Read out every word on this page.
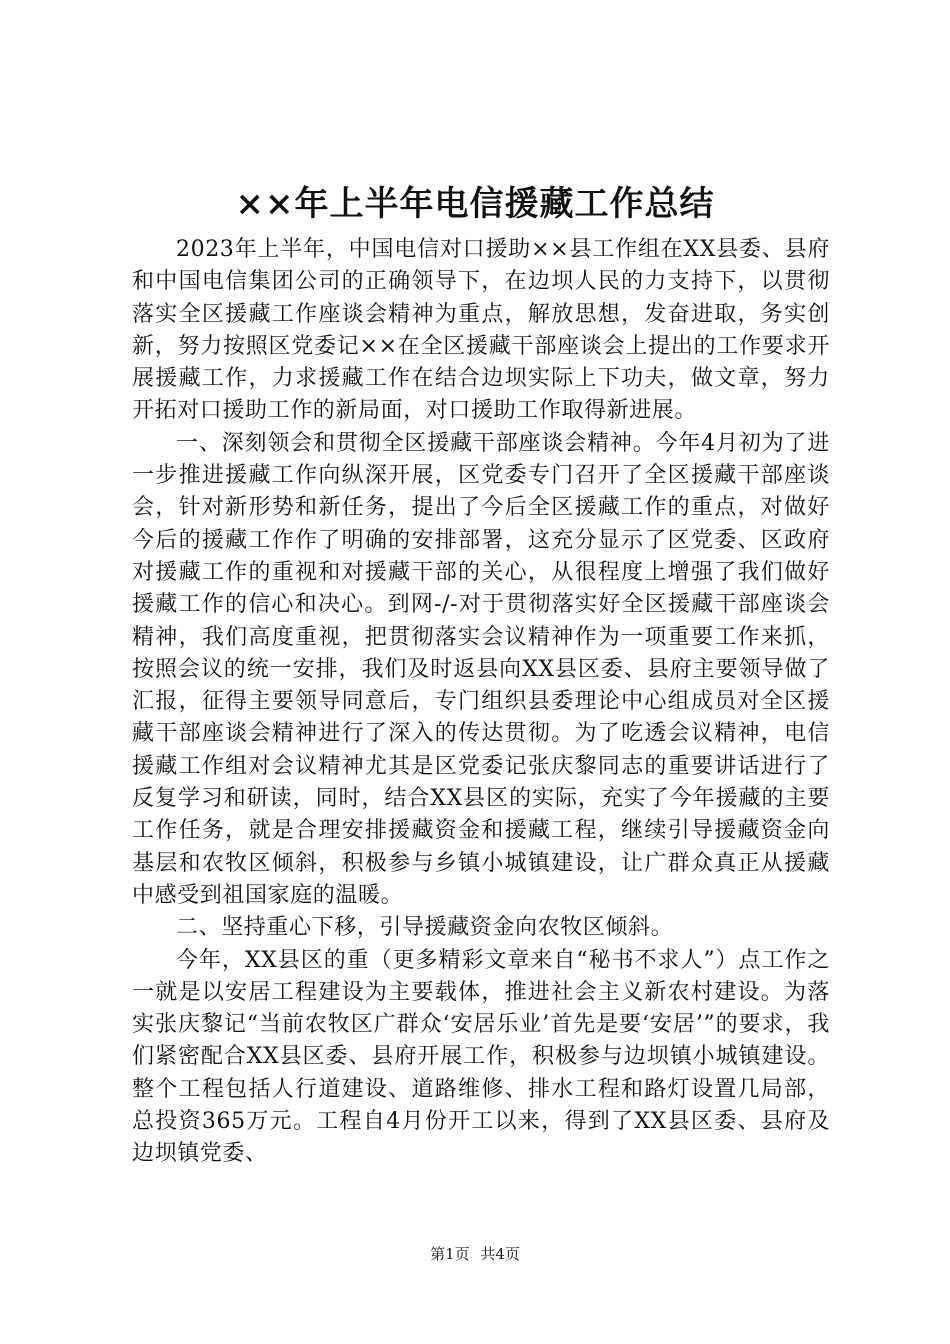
××年上半年电信援藏工作总结

2023年上半年，中国电信对口援助××县工作组在XX县委、县府和中国电信集团公司的正确领导下，在边坝人民的力支持下，以贯彻落实全区援藏工作座谈会精神为重点，解放思想，发奋进取，务实创新，努力按照区党委记××在全区援藏干部座谈会上提出的工作要求开展援藏工作，力求援藏工作在结合边坝实际上下功夫，做文章，努力开拓对口援助工作的新局面，对口援助工作取得新进展。

一、深刻领会和贯彻全区援藏干部座谈会精神。今年4月初为了进一步推进援藏工作向纵深开展，区党委专门召开了全区援藏干部座谈会，针对新形势和新任务，提出了今后全区援藏工作的重点，对做好今后的援藏工作作了明确的安排部署，这充分显示了区党委、区政府对援藏工作的重视和对援藏干部的关心，从很程度上增强了我们做好援藏工作的信心和决心。到网-/-对于贯彻落实好全区援藏干部座谈会精神，我们高度重视，把贯彻落实会议精神作为一项重要工作来抓，按照会议的统一安排，我们及时返县向XX县区委、县府主要领导做了汇报，征得主要领导同意后，专门组织县委理论中心组成员对全区援藏干部座谈会精神进行了深入的传达贯彻。为了吃透会议精神，电信援藏工作组对会议精神尤其是区党委记张庆黎同志的重要讲话进行了反复学习和研读，同时，结合XX县区的实际，充实了今年援藏的主要工作任务，就是合理安排援藏资金和援藏工程，继续引导援藏资金向基层和农牧区倾斜，积极参与乡镇小城镇建设，让广群众真正从援藏中感受到祖国家庭的温暖。

二、坚持重心下移，引导援藏资金向农牧区倾斜。

今年，XX县区的重（更多精彩文章来自“秘书不求人”）点工作之一就是以安居工程建设为主要载体，推进社会主义新农村建设。为落实张庆黎记“当前农牧区广群众‘安居乐业’首先是要‘安居’”的要求，我们紧密配合XX县区委、县府开展工作，积极参与边坝镇小城镇建设。整个工程包括人行道建设、道路维修、排水工程和路灯设置几局部，总投资365万元。工程自4月份开工以来，得到了XX县区委、县府及边坝镇党委、

第1页 共4页
